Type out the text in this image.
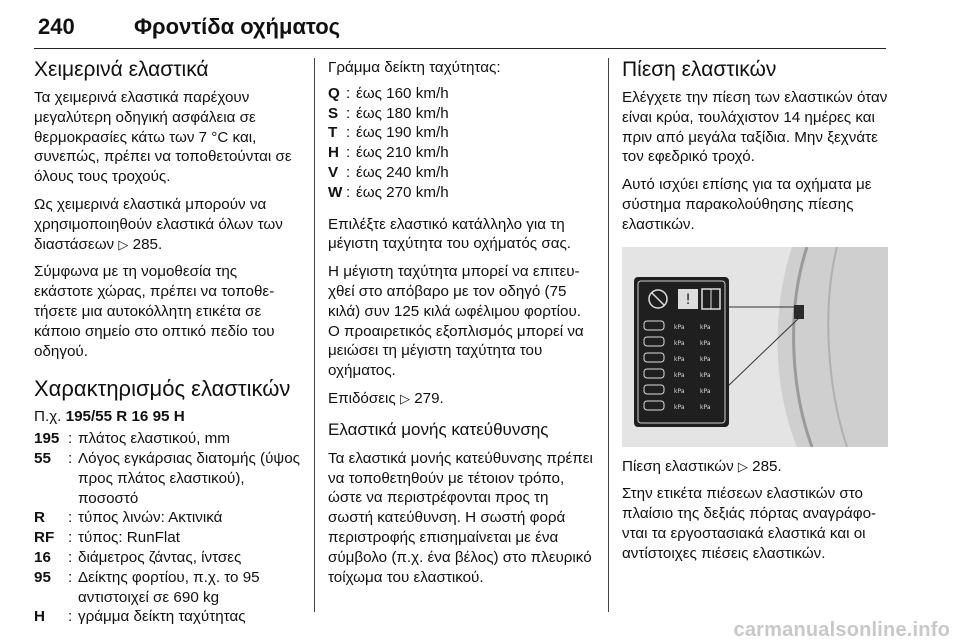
240	Φροντίδα οχήματος
Χειμερινά ελαστικά

Τα χειμερινά ελαστικά παρέχουν μεγαλύτερη οδηγική ασφάλεια σε θερμοκρασίες κάτω των 7 °C και, συνεπώς, πρέπει να τοποθετούνται σε όλους τους τροχούς.

Ως χειμερινά ελαστικά μπορούν να χρησιμοποιηθούν ελαστικά όλων των διαστάσεων ▷ 285.

Σύμφωνα με τη νομοθεσία της εκάστοτε χώρας, πρέπει να τοποθετήσετε μια αυτοκόλλητη ετικέτα σε κάποιο σημείο στο οπτικό πεδίο του οδηγού.

Χαρακτηρισμός ελαστικών
Π.χ. 195/55 R 16 95 H
195 : πλάτος ελαστικού, mm
55	: Λόγος εγκάρσιας διατομής (ύψος προς πλάτος ελαστικού), ποσοστό
R	: τύπος λινών: Ακτινικά
RF : τύπος: RunFlat
16	: διάμετρος ζάντας, ίντσες
95	: Δείκτης φορτίου, π.χ. το 95 αντιστοιχεί σε 690 kg
H	: γράμμα δείκτη ταχύτητας
Γράμμα δείκτη ταχύτητας:
Q : έως 160 km/h
S : έως 180 km/h
T : έως 190 km/h
H : έως 210 km/h
V : έως 240 km/h
W : έως 270 km/h

Επιλέξτε ελαστικό κατάλληλο για τη μέγιστη ταχύτητα του οχήματός σας.

Η μέγιστη ταχύτητα μπορεί να επιτευχθεί στο απόβαρο με τον οδηγό (75 κιλά) συν 125 κιλά ωφέλιμου φορτίου. Ο προαιρετικός εξοπλισμός μπορεί να μειώσει τη μέγιστη ταχύτητα του οχήματος.

Επιδόσεις ▷ 279.

Ελαστικά μονής κατεύθυνσης

Τα ελαστικά μονής κατεύθυνσης πρέπει να τοποθετηθούν με τέτοιον τρόπο, ώστε να περιστρέφονται προς τη σωστή κατεύθυνση. Η σωστή φορά περιστροφής επισημαίνεται με ένα σύμβολο (π.χ. ένα βέλος) στο πλευρικό τοίχωμα του ελαστικού.

Πίεση ελαστικών

Ελέγχετε την πίεση των ελαστικών όταν είναι κρύα, τουλάχιστον 14 ημέρες και πριν από μεγάλα ταξίδια. Μην ξεχνάτε τον εφεδρικό τροχό.

Αυτό ισχύει επίσης για τα οχήματα με σύστημα παρακολούθησης πίεσης ελαστικών.

!
kPa	kPa
kPa	kPa
kPa	kPa
kPa	kPa
kPa	kPa
kPa	kPa

Πίεση ελαστικών ▷ 285.

Στην ετικέτα πιέσεων ελαστικών στο πλαίσιο της δεξιάς πόρτας αναγράφονται τα εργοστασιακά ελαστικά και οι αντίστοιχες πιέσεις ελαστικών.

carmanualsonline.info
